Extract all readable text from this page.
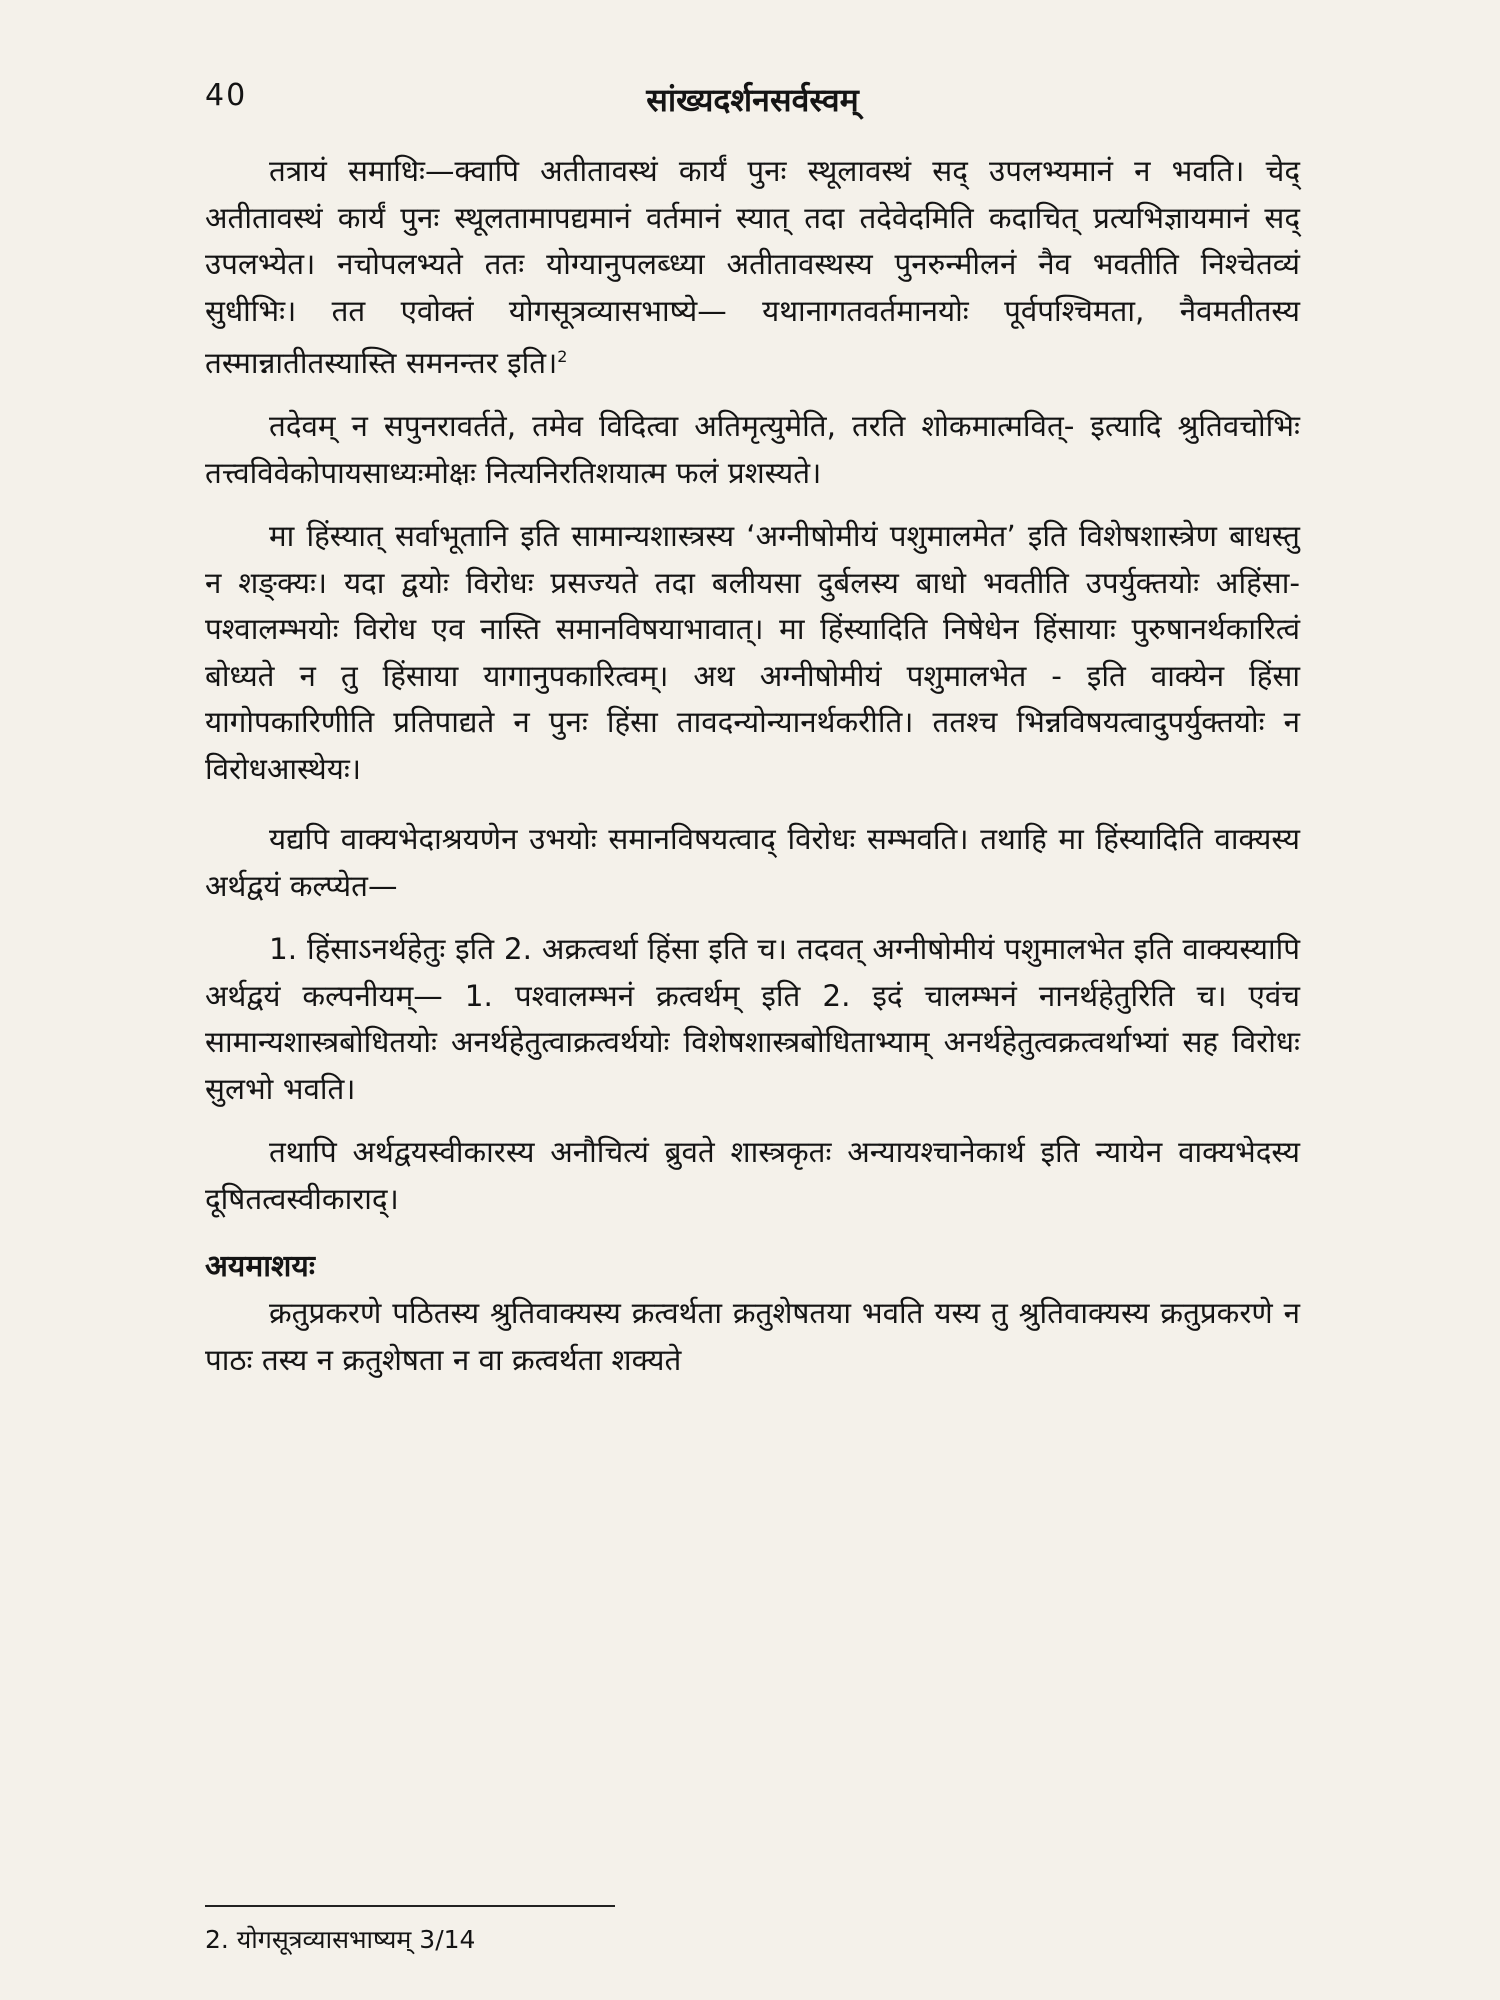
40	सांख्यदर्शनसर्वस्वम्

तत्रायं समाधिः—क्वापि अतीतावस्थं कार्यं पुनः स्थूलावस्थं सद् उपलभ्यमानं न भवति। चेद् अतीतावस्थं कार्यं पुनः स्थूलतामापद्यमानं वर्तमानं स्यात् तदा तदेवेदमिति कदाचित् प्रत्यभिज्ञायमानं सद् उपलभ्येत। नचोपलभ्यते ततः योग्यानुपलब्ध्या अतीतावस्थस्य पुनरुन्मीलनं नैव भवतीति निश्चेतव्यं सुधीभिः। तत एवोक्तं योगसूत्रव्यासभाष्ये— यथानागतवर्तमानयोः पूर्वपश्चिमता, नैवमतीतस्य तस्मान्नातीतस्यास्ति समनन्तर इति।$^2$

तदेवम् न सपुनरावर्तते, तमेव विदित्वा अतिमृत्युमेति, तरति शोकमात्मवित्- इत्यादि श्रुतिवचोभिः तत्त्वविवेकोपायसाध्यःमोक्षः नित्यनिरतिशयात्म फलं प्रशस्यते।

मा हिंस्यात् सर्वाभूतानि इति सामान्यशास्त्रस्य ‘अग्नीषोमीयं पशुमालमेत’ इति विशेषशास्त्रेण बाधस्तु न शङ्क्यः। यदा द्वयोः विरोधः प्रसज्यते तदा बलीयसा दुर्बलस्य बाधो भवतीति उपर्युक्तयोः अहिंसा-पश्वालम्भयोः विरोध एव नास्ति समानविषयाभावात्। मा हिंस्यादिति निषेधेन हिंसायाः पुरुषानर्थकारित्वं बोध्यते न तु हिंसाया यागानुपकारित्वम्। अथ अग्नीषोमीयं पशुमालभेत - इति वाक्येन हिंसा यागोपकारिणीति प्रतिपाद्यते न पुनः हिंसा तावदन्योन्यानर्थकरीति। ततश्च भिन्नविषयत्वादुपर्युक्तयोः न विरोधआस्थेयः।

यद्यपि वाक्यभेदाश्रयणेन उभयोः समानविषयत्वाद् विरोधः सम्भवति। तथाहि मा हिंस्यादिति वाक्यस्य अर्थद्वयं कल्प्येत—

1. हिंसाऽनर्थहेतुः इति 2. अक्रत्वर्था हिंसा इति च। तदवत् अग्नीषोमीयं पशुमालभेत इति वाक्यस्यापि अर्थद्वयं कल्पनीयम्— 1. पश्वालम्भनं क्रत्वर्थम् इति 2. इदं चालम्भनं नानर्थहेतुरिति च। एवंच सामान्यशास्त्रबोधितयोः अनर्थहेतुत्वाक्रत्वर्थयोः विशेषशास्त्रबोधिताभ्याम् अनर्थहेतुत्वक्रत्वर्थाभ्यां सह विरोधः सुलभो भवति।

तथापि अर्थद्वयस्वीकारस्य अनौचित्यं ब्रुवते शास्त्रकृतः अन्यायश्चानेकार्थ इति न्यायेन वाक्यभेदस्य दूषितत्वस्वीकाराद्।

अयमाशयः

क्रतुप्रकरणे पठितस्य श्रुतिवाक्यस्य क्रत्वर्थता क्रतुशेषतया भवति यस्य तु श्रुतिवाक्यस्य क्रतुप्रकरणे न पाठः तस्य न क्रतुशेषता न वा क्रत्वर्थता शक्यते

2. योगसूत्रव्यासभाष्यम् 3/14
